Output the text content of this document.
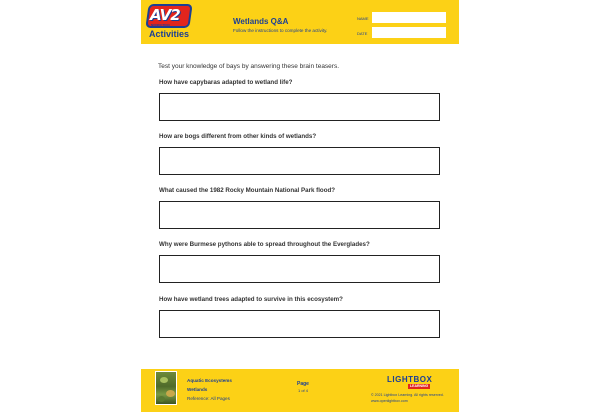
AV2
NONFICTION
Activities
Wetlands Q&A
Follow the instructions to complete the activity.
NAME
DATE
Test your knowledge of bays by answering these brain teasers.
How have capybaras adapted to wetland life?
How are bogs different from other kinds of wetlands?
What caused the 1982 Rocky Mountain National Park flood?
Why were Burmese pythons able to spread throughout the Everglades?
How have wetland trees adapted to survive in this ecosystem?
Aquatic Ecosystems
Wetlands
Reference: All Pages
Page
1 of 4
LIGHTBOX
LEARNING
© 2021 Lightbox Learning. All rights reserved.
www.openlightbox.com
